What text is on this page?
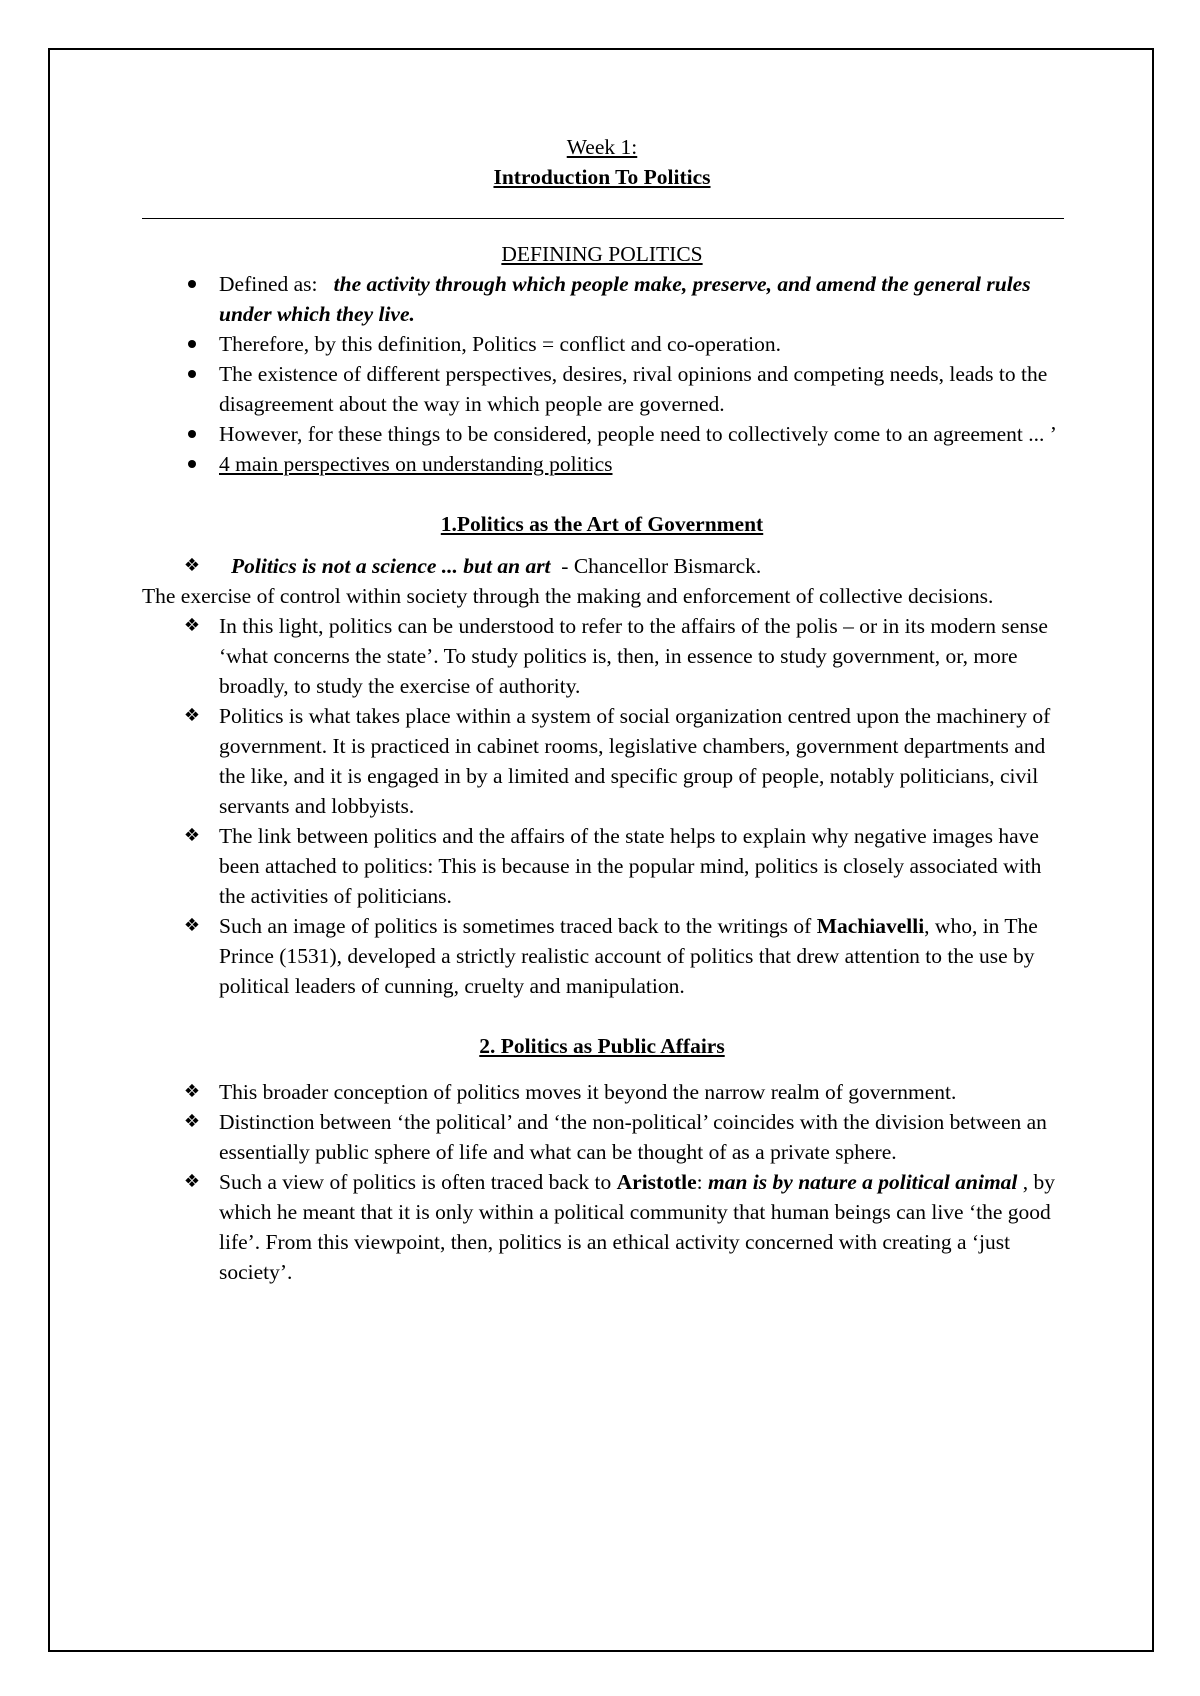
Week 1:

Introduction To Politics

DEFINING POLITICS

Defined as: the activity through which people make, preserve, and amend the general rules under which they live.
Therefore, by this definition, Politics = conflict and co-operation.
The existence of different perspectives, desires, rival opinions and competing needs, leads to the disagreement about the way in which people are governed.
However, for these things to be considered, people need to collectively come to an agreement ... ’
4 main perspectives on understanding politics

1.Politics as the Art of Government

❖ Politics is not a science ... but an art  - Chancellor Bismarck.

The exercise of control within society through the making and enforcement of collective decisions.

❖ In this light, politics can be understood to refer to the affairs of the polis – or in its modern sense ‘what concerns the state’. To study politics is, then, in essence to study government, or, more broadly, to study the exercise of authority.
❖ Politics is what takes place within a system of social organization centred upon the machinery of government. It is practiced in cabinet rooms, legislative chambers, government departments and the like, and it is engaged in by a limited and specific group of people, notably politicians, civil servants and lobbyists.
❖ The link between politics and the affairs of the state helps to explain why negative images have been attached to politics: This is because in the popular mind, politics is closely associated with the activities of politicians.
❖ Such an image of politics is sometimes traced back to the writings of Machiavelli, who, in The Prince (1531), developed a strictly realistic account of politics that drew attention to the use by political leaders of cunning, cruelty and manipulation.

2. Politics as Public Affairs

❖ This broader conception of politics moves it beyond the narrow realm of government.
❖ Distinction between ‘the political’ and ‘the non-political’ coincides with the division between an essentially public sphere of life and what can be thought of as a private sphere.
❖ Such a view of politics is often traced back to Aristotle: man is by nature a political animal , by which he meant that it is only within a political community that human beings can live ‘the good life’. From this viewpoint, then, politics is an ethical activity concerned with creating a ‘just society’.
